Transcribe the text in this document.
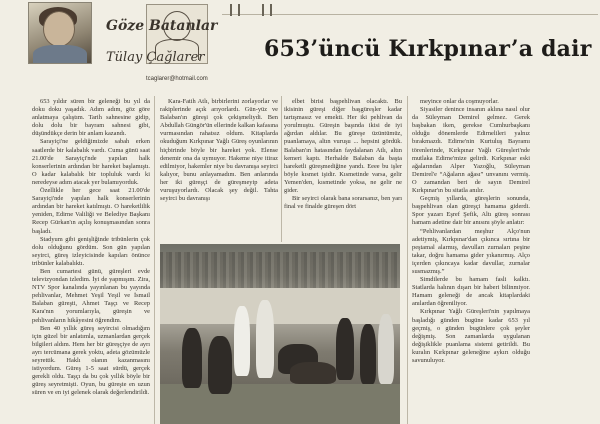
Göze Batanlar
Tülay Çağlarer
tcaglarer@hotmail.com
653’üncü Kırkpınar’a dair

653 yıldır süren bir geleneği bu yıl da doku doku yaşadık. Adım adım, göz göre anlatmaya çalıştım. Tarih sahnesine gidip, dolu dolu bir bayram sahnesi gibi, düşündükçe derin bir anlam kazandı.

Sarayiçi'ne geldiğimizde sabah erken saatlerde bir kalabalık vardı. Cuma günü saat 21.00'de Sarayiçi'nde yapılan halk konserlerinin ardından bir hareket başlamıştı. O kadar kalabalık bir topluluk vardı ki neredeyse adım atacak yer bulamıyorduk.

Özellikle her gece saat 21.00'de Sarayiçi'nde yapılan halk konserlerinin ardından bir hareket katılmıştı. O hareketlilik yeniden, Edirne Valiliği ve Belediye Başkanı Recep Gürkan'ın açılış konuşmasından sonra başladı.

Stadyum gibi genişliğinde tribünlerin çok dolu olduğunu gördüm. Son gün yapılan seyirci, güreş izleyicisinde kapıları önünce tribünler kalabalıktı.

Ben cumartesi günü, güreşleri evde televizyondan izledim. İyi de yapmışım. Zira, NTV Spor kanalında yayınlanan bu yayında pehlivanlar, Mehmet Yeşil Yeşil ve İsmail Balaban güreşti, Ahmet Taşçı ve Recep Kara'nın yorumlarıyla, güreşin ve pehlivanların hikâyesini öğrendim.

Ben 40 yıllık güreş seyircisi olmadığım için güzel bir anlatımla, uzmanlardan gerçek bilgileri aldım. Hem her bir güreşçiye de ayrı ayrı tercümana gerek yoktu, adeta gözümüzle seyrettik. Haklı olanın kazanmasını istiyordum. Güreş 1-5 saat sürdü, gerçek gerekli oldu. Taşçı da bu çok yıllık böyle bir güreş seyretmişti. Oyun, bu güreşte en uzun süren ve en iyi gelenek olarak değerlendirildi.

Kara-Fatih Atlı, birbirlerini zorlayorlar ve rakiplerinde açık arıyorlardı. Gün-yüz ve Balaban'ın güreşi çok çekişmeliydi. Ben Abdullah Güngör'ün ellerinde kalkan kafasına vurmasından rahatsız oldum. Kitaplarda okuduğum Kırkpınar Yağlı Güreş oyunlarının hiçbirinde böyle bir hareket yok. Elense denemir ona da uymuyor. Hakeme niye itiraz edilmiyor, hakemler niye bu davranışa seyirci kalıyor, bunu anlayamadım. Ben anlarında her iki güreşçi de güreşmeyip adeta vuruşuyorlardı. Olacak şey değil. Tahta seyirci bu davranışı

elbet birisi başpehlivan olacaktı. Bu ikisinin güreşi diğer başgüreşler kadar tartışmasız ve emekti. Her iki pehlivan da yorulmuştu. Güreşin başında ikisi de iyi ağırdan aldılar. Bu güreşe üzüntümüz, puanlamaya, altın vuruşu ... hepsini gördük. Balaban'ın hatasından faydalanan Atlı, altın kemeri kaptı. Herhalde Balaban da başta hareketli güreşmediğine yandı. Eeee bu işler böyle kısmet işidir. Kısmetinde varsa, gelir Yemen'den, kısmetinde yoksa, ne gelir ne gider.

Bir seyirci olarak bana sorarsanız, ben yarı final ve finalde güreşen dört

meyince onlar da coşmuyorlar.

Siyasiler denince insanın aklına nasıl olur da Süleyman Demirel gelmez. Gerek başbakan iken, gerekse Cumhurbaşkanı olduğu dönemlerde Edirnelileri yalnız bırakmazdı. Edirne'nin Kurtuluş Bayramı törenlerinde, Kırkpınar Yağlı Güreşleri'nde mutlaka Edirne'mize gelirdi. Kırkpınar eski ağalarından Alper Yazoğlu, Süleyman Demirel'e “Ağaların ağası” unvanını vermiş. O zamandan beri de sayın Demirel Kırkpınar'ın bu sitatla anılır.

Geçmiş yıllarda, güreşlerin sonunda, başpehlivan olan güreşçi hamama giderdi. Spor yazarı Eşref Şefik, Altı güreş sonrası hamam adetine dair bir anısını şöyle anlatır:

“Pehlivanlardan meşhur Alço'nun adetiymiş, Kırkpınar'dan çıkınca sırtına bir peştamal alarmış, davulları zurnaları peşine takar, doğru hamama gider yıkanırmış. Alço içerden çıkıncaya kadar davullar, zurnalar susmazmış.”

Simdilerde bu hamam fasli kalktı. Statlarda halının dışarı bir haberi bilinmiyor. Hamam geleneği de ancak kitaplardaki anılardan öğreniliyor.

Kırkpınar Yağlı Güreşleri'nin yapılmaya başladığı günden bugüne kadar 653 yıl geçmiş, o günden bugünlere çok şeyler değişmiş. Son zamanlarda uygulanan değişiklikle puanlama sistemi getirildi. Bu kuralın Kırkpınar geleneğine aykırı olduğu savunuluyor.
